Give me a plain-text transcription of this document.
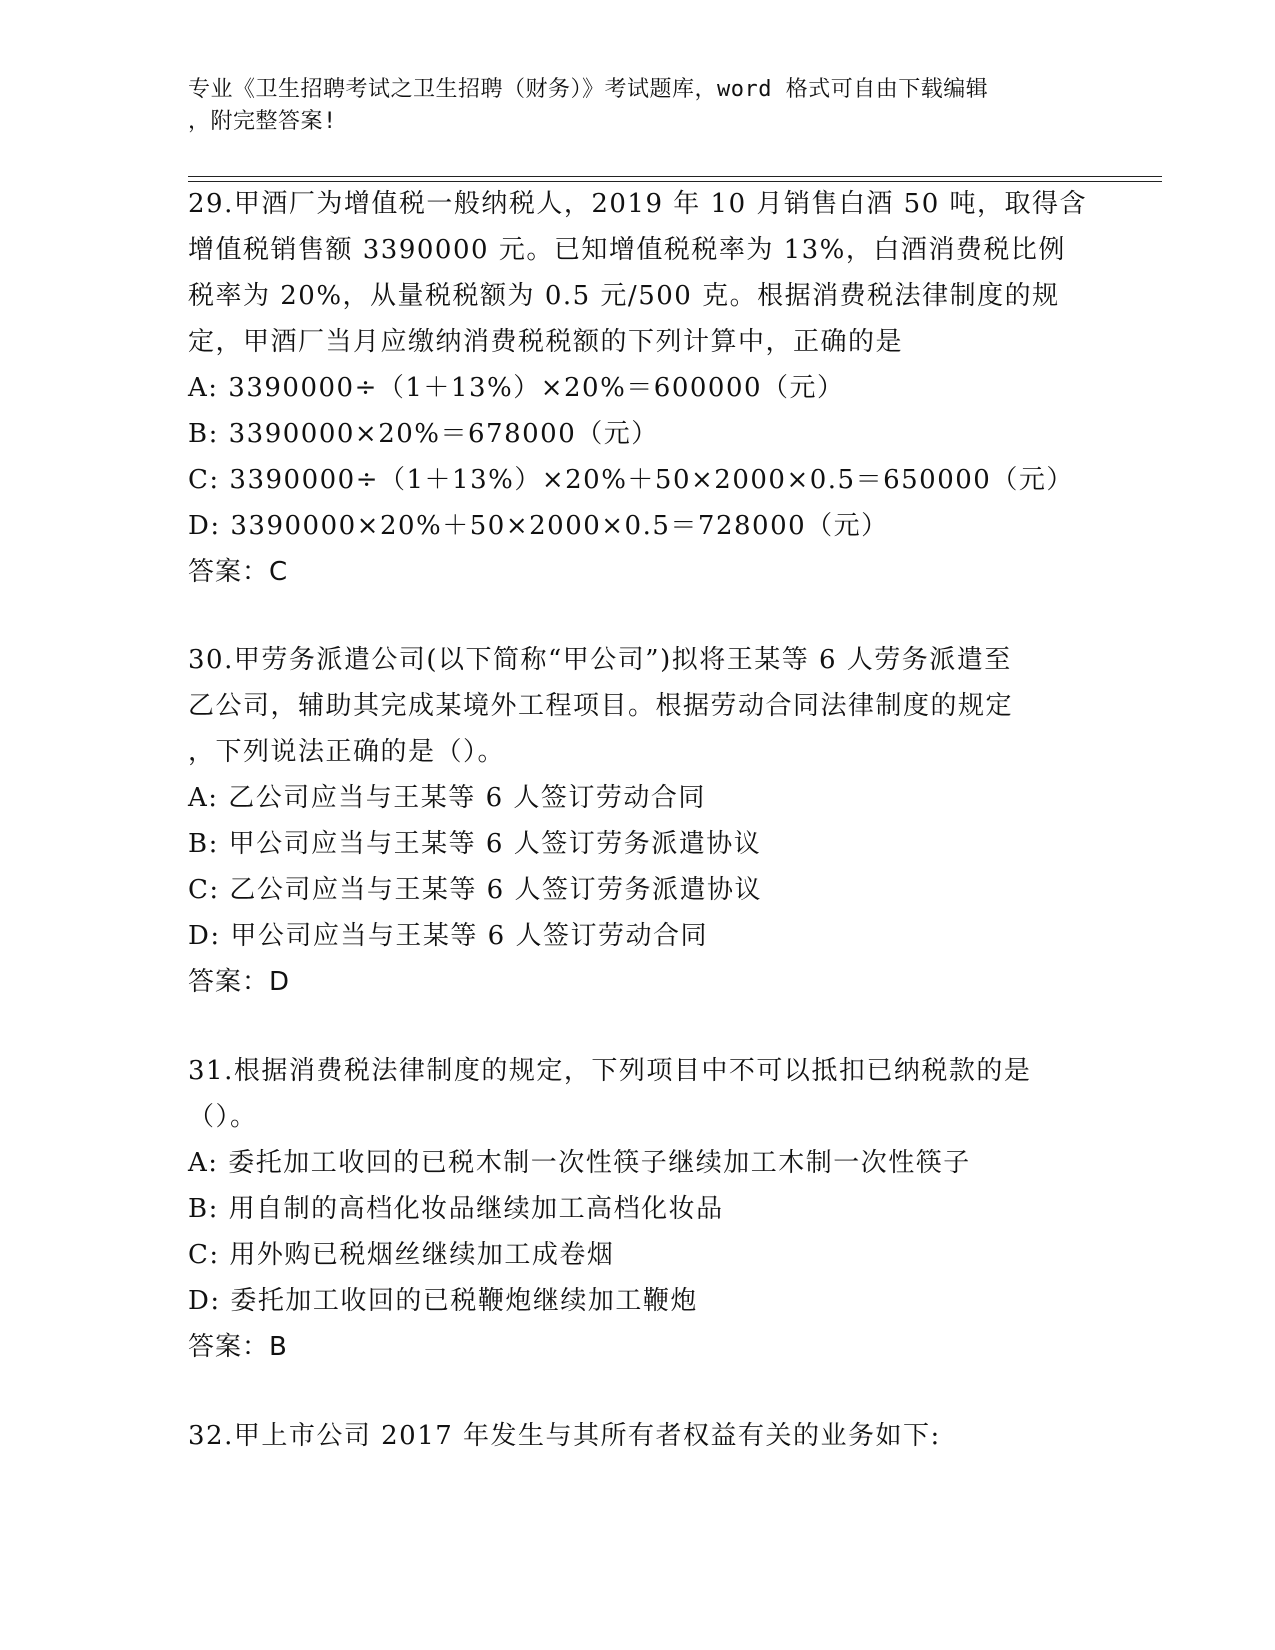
专业《卫生招聘考试之卫生招聘（财务）》考试题库，word 格式可自由下载编辑

，附完整答案!

29.甲酒厂为增值税一般纳税人，2019 年 10 月销售白酒 50 吨，取得含

增值税销售额 3390000 元。已知增值税税率为 13%，白酒消费税比例

税率为 20%，从量税税额为 0.5 元/500 克。根据消费税法律制度的规

定，甲酒厂当月应缴纳消费税税额的下列计算中，正确的是

A: 3390000÷（1＋13%）×20%＝600000（元）

B: 3390000×20%＝678000（元）

C: 3390000÷（1＋13%）×20%＋50×2000×0.5＝650000（元）

D: 3390000×20%＋50×2000×0.5＝728000（元）

答案：C

30.甲劳务派遣公司(以下简称“甲公司”)拟将王某等 6 人劳务派遣至

乙公司，辅助其完成某境外工程项目。根据劳动合同法律制度的规定

，下列说法正确的是（）。

A: 乙公司应当与王某等 6 人签订劳动合同

B: 甲公司应当与王某等 6 人签订劳务派遣协议

C: 乙公司应当与王某等 6 人签订劳务派遣协议

D: 甲公司应当与王某等 6 人签订劳动合同

答案：D

31.根据消费税法律制度的规定，下列项目中不可以抵扣已纳税款的是

（）。

A: 委托加工收回的已税木制一次性筷子继续加工木制一次性筷子

B: 用自制的高档化妆品继续加工高档化妆品

C: 用外购已税烟丝继续加工成卷烟

D: 委托加工收回的已税鞭炮继续加工鞭炮

答案：B

32.甲上市公司 2017 年发生与其所有者权益有关的业务如下:
